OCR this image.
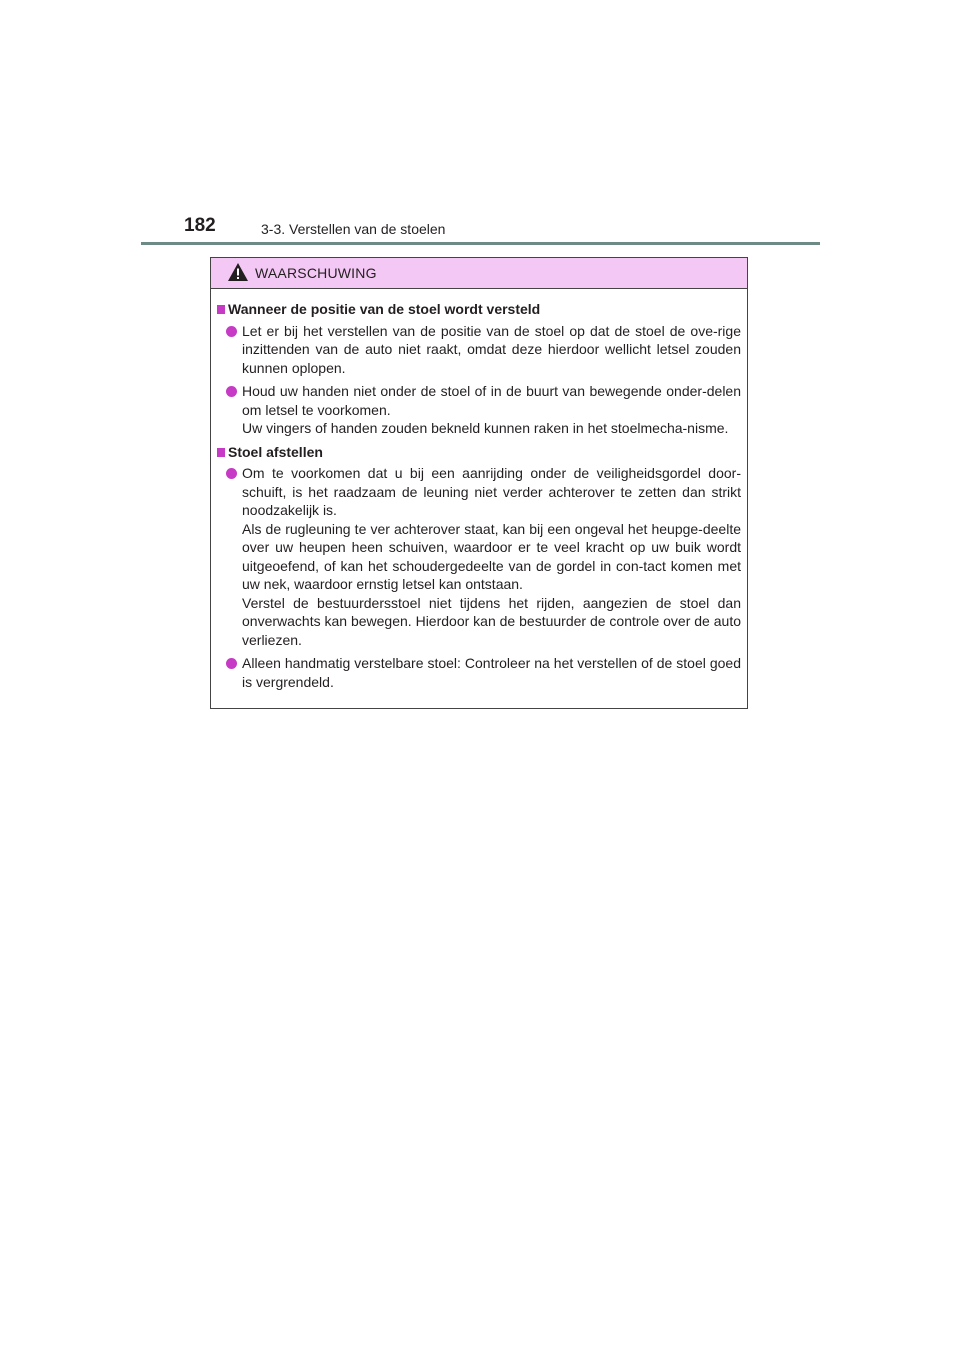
182	3-3. Verstellen van de stoelen
WAARSCHUWING
Wanneer de positie van de stoel wordt versteld

Let er bij het verstellen van de positie van de stoel op dat de stoel de ove-rige inzittenden van de auto niet raakt, omdat deze hierdoor wellicht letsel zouden kunnen oplopen.

Houd uw handen niet onder de stoel of in de buurt van bewegende onder-delen om letsel te voorkomen.

Uw vingers of handen zouden bekneld kunnen raken in het stoelmecha-nisme.

Stoel afstellen

Om te voorkomen dat u bij een aanrijding onder de veiligheidsgordel door-schuift, is het raadzaam de leuning niet verder achterover te zetten dan strikt noodzakelijk is.

Als de rugleuning te ver achterover staat, kan bij een ongeval het heupge-deelte over uw heupen heen schuiven, waardoor er te veel kracht op uw buik wordt uitgeoefend, of kan het schoudergedeelte van de gordel in con-tact komen met uw nek, waardoor ernstig letsel kan ontstaan.

Verstel de bestuurdersstoel niet tijdens het rijden, aangezien de stoel dan onverwachts kan bewegen. Hierdoor kan de bestuurder de controle over de auto verliezen.

Alleen handmatig verstelbare stoel: Controleer na het verstellen of de stoel goed is vergrendeld.
